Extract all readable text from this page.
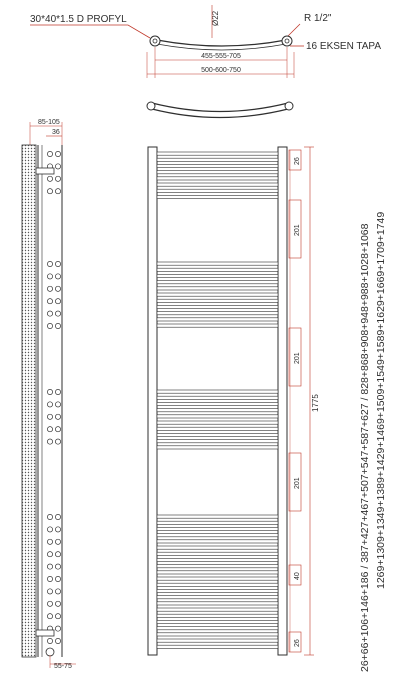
30*40*1.5 D PROFYL	Ø22	R 1/2"
16 EKSEN TAPA
455-555-705
500-600-750
85-105
36
55-75
26
201
201
201
40
26
1775	26+66+106+146+186 / 387+427+467+507+547+587+627 / 828+868+908+948+988+1028+1068 1269+1309+1349+1389+1429+1469+1509+1549+1589+1629+1669+1709+1749
